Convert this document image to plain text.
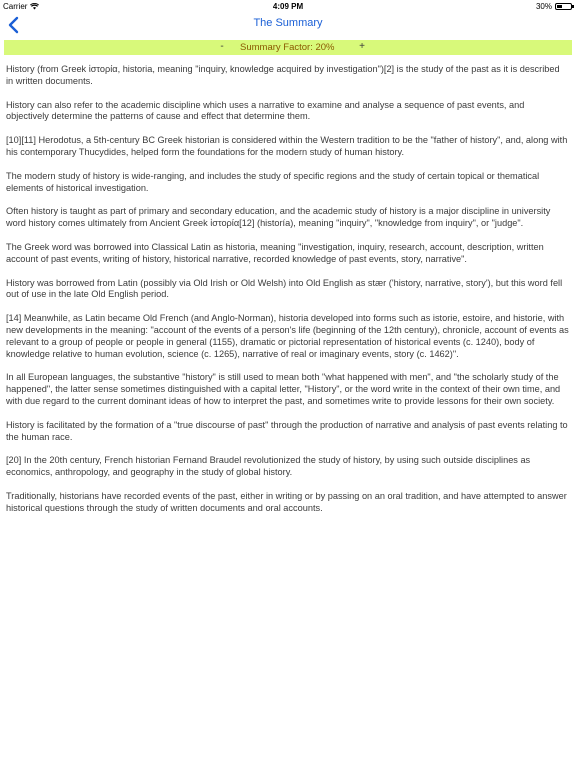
Carrier	4:09 PM	30%
The Summary
-	Summary Factor: 20%	+

History (from Greek ἱστορία, historia, meaning "inquiry, knowledge acquired by investigation")[2] is the study of the past as it is described in written documents.

History can also refer to the academic discipline which uses a narrative to examine and analyse a sequence of past events, and objectively determine the patterns of cause and effect that determine them.

[10][11] Herodotus, a 5th-century BC Greek historian is considered within the Western tradition to be the "father of history", and, along with his contemporary Thucydides, helped form the foundations for the modern study of human history.

The modern study of history is wide-ranging, and includes the study of specific regions and the study of certain topical or thematical elements of historical investigation.

Often history is taught as part of primary and secondary education, and the academic study of history is a major discipline in university word history comes ultimately from Ancient Greek ἱστορία[12] (historía), meaning "inquiry", "knowledge from inquiry", or "judge".

The Greek word was borrowed into Classical Latin as historia, meaning "investigation, inquiry, research, account, description, written account of past events, writing of history, historical narrative, recorded knowledge of past events, story, narrative".

History was borrowed from Latin (possibly via Old Irish or Old Welsh) into Old English as stær ('history, narrative, story'), but this word fell out of use in the late Old English period.

[14] Meanwhile, as Latin became Old French (and Anglo-Norman), historia developed into forms such as istorie, estoire, and historie, with new developments in the meaning: "account of the events of a person's life (beginning of the 12th century), chronicle, account of events as relevant to a group of people or people in general (1155), dramatic or pictorial representation of historical events (c. 1240), body of knowledge relative to human evolution, science (c. 1265), narrative of real or imaginary events, story (c. 1462)".

In all European languages, the substantive "history" is still used to mean both "what happened with men", and "the scholarly study of the happened", the latter sense sometimes distinguished with a capital letter, "History", or the word write in the context of their own time, and with due regard to the current dominant ideas of how to interpret the past, and sometimes write to provide lessons for their own society.

History is facilitated by the formation of a "true discourse of past" through the production of narrative and analysis of past events relating to the human race.

[20] In the 20th century, French historian Fernand Braudel revolutionized the study of history, by using such outside disciplines as economics, anthropology, and geography in the study of global history.

Traditionally, historians have recorded events of the past, either in writing or by passing on an oral tradition, and have attempted to answer historical questions through the study of written documents and oral accounts.
